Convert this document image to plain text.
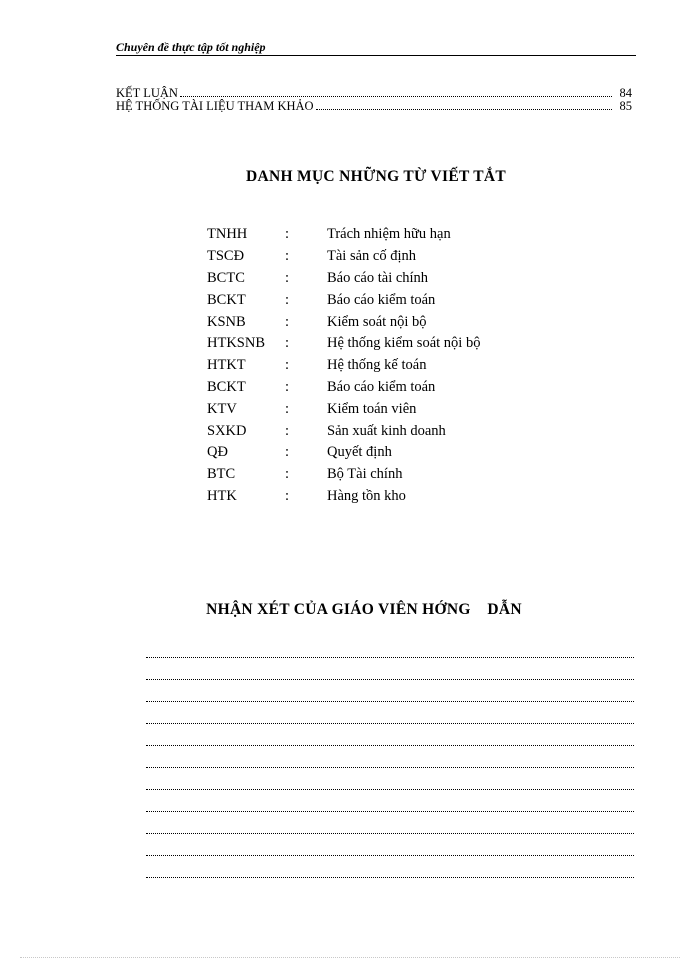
Chuyên đề thực tập tốt nghiệp
KẾT LUẬN	84
HỆ THỐNG TÀI LIỆU THAM KHẢO	85
DANH MỤC NHỮNG TỪ VIẾT TẮT
TNHH	:	Trách nhiệm hữu hạn
TSCĐ	:	Tài sản cố định
BCTC	:	Báo cáo tài chính
BCKT	:	Báo cáo kiểm toán
KSNB	:	Kiểm soát nội bộ
HTKSNB	:	Hệ thống kiểm soát nội bộ
HTKT	:	Hệ thống kế toán
BCKT	:	Báo cáo kiểm toán
KTV	:	Kiểm toán viên
SXKD	:	Sản xuất kinh doanh
QĐ	:	Quyết định
BTC	:	Bộ Tài chính
HTK	:	Hàng tồn kho
NHẬN XÉT CỦA GIÁO VIÊN HỚNG    DẪN
